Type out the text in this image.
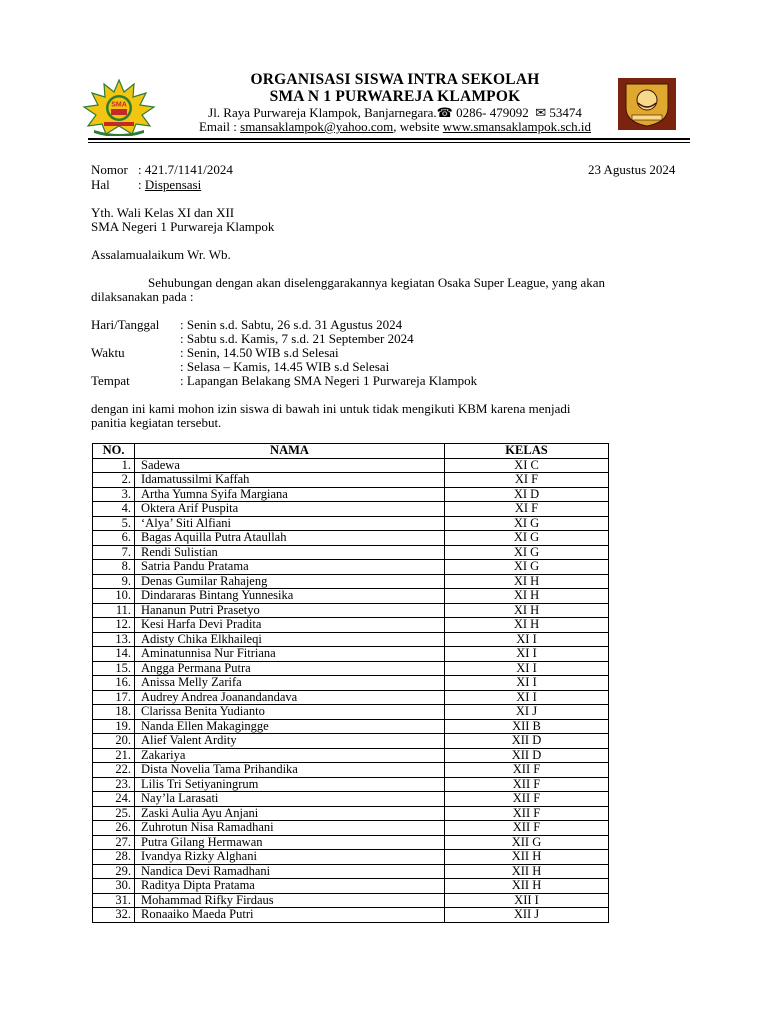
SMA
ORGANISASI SISWA INTRA SEKOLAH
SMA N 1 PURWAREJA KLAMPOK
Jl. Raya Purwareja Klampok, Banjarnegara.☎ 0286- 479092 ✉ 53474
Email : smansaklampok@yahoo.com, website www.smansaklampok.sch.id
Nomor : 421.7/1141/2024	23 Agustus 2024
Hal : Dispensasi
Yth. Wali Kelas XI dan XII
SMA Negeri 1 Purwareja Klampok
Assalamualaikum Wr. Wb.
Sehubungan dengan akan diselenggarakannya kegiatan Osaka Super League, yang akan
dilaksanakan pada :
Hari/Tanggal : Senin s.d. Sabtu, 26 s.d. 31 Agustus 2024
: Sabtu s.d. Kamis, 7 s.d. 21 September 2024
Waktu	: Senin, 14.50 WIB s.d Selesai
: Selasa – Kamis, 14.45 WIB s.d Selesai
Tempat	: Lapangan Belakang SMA Negeri 1 Purwareja Klampok
dengan ini kami mohon izin siswa di bawah ini untuk tidak mengikuti KBM karena menjadi
panitia kegiatan tersebut.
NO.	NAMA	KELAS
1.	Sadewa	XI C
2.	Idamatussilmi Kaffah	XI F
3.	Artha Yumna Syifa Margiana	XI D
4.	Oktera Arif Puspita	XI F
5.	‘Alya’ Siti Alfiani	XI G
6.	Bagas Aquilla Putra Ataullah	XI G
7.	Rendi Sulistian	XI G
8.	Satria Pandu Pratama	XI G
9.	Denas Gumilar Rahajeng	XI H
10.	Dindararas Bintang Yunnesika	XI H
11.	Hananun Putri Prasetyo	XI H
12.	Kesi Harfa Devi Pradita	XI H
13.	Adisty Chika Elkhaileqi	XI I
14.	Aminatunnisa Nur Fitriana	XI I
15.	Angga Permana Putra	XI I
16.	Anissa Melly Zarifa	XI I
17.	Audrey Andrea Joanandandava	XI I
18.	Clarissa Benita Yudianto	XI J
19.	Nanda Ellen Makagingge	XII B
20.	Alief Valent Ardity	XII D
21.	Zakariya	XII D
22.	Dista Novelia Tama Prihandika	XII F
23.	Lilis Tri Setiyaningrum	XII F
24.	Nay’la Larasati	XII F
25.	Zaski Aulia Ayu Anjani	XII F
26.	Zuhrotun Nisa Ramadhani	XII F
27.	Putra Gilang Hermawan	XII G
28.	Ivandya Rizky Alghani	XII H
29.	Nandica Devi Ramadhani	XII H
30.	Raditya Dipta Pratama	XII H
31.	Mohammad Rifky Firdaus	XII I
32.	Ronaaiko Maeda Putri	XII J
